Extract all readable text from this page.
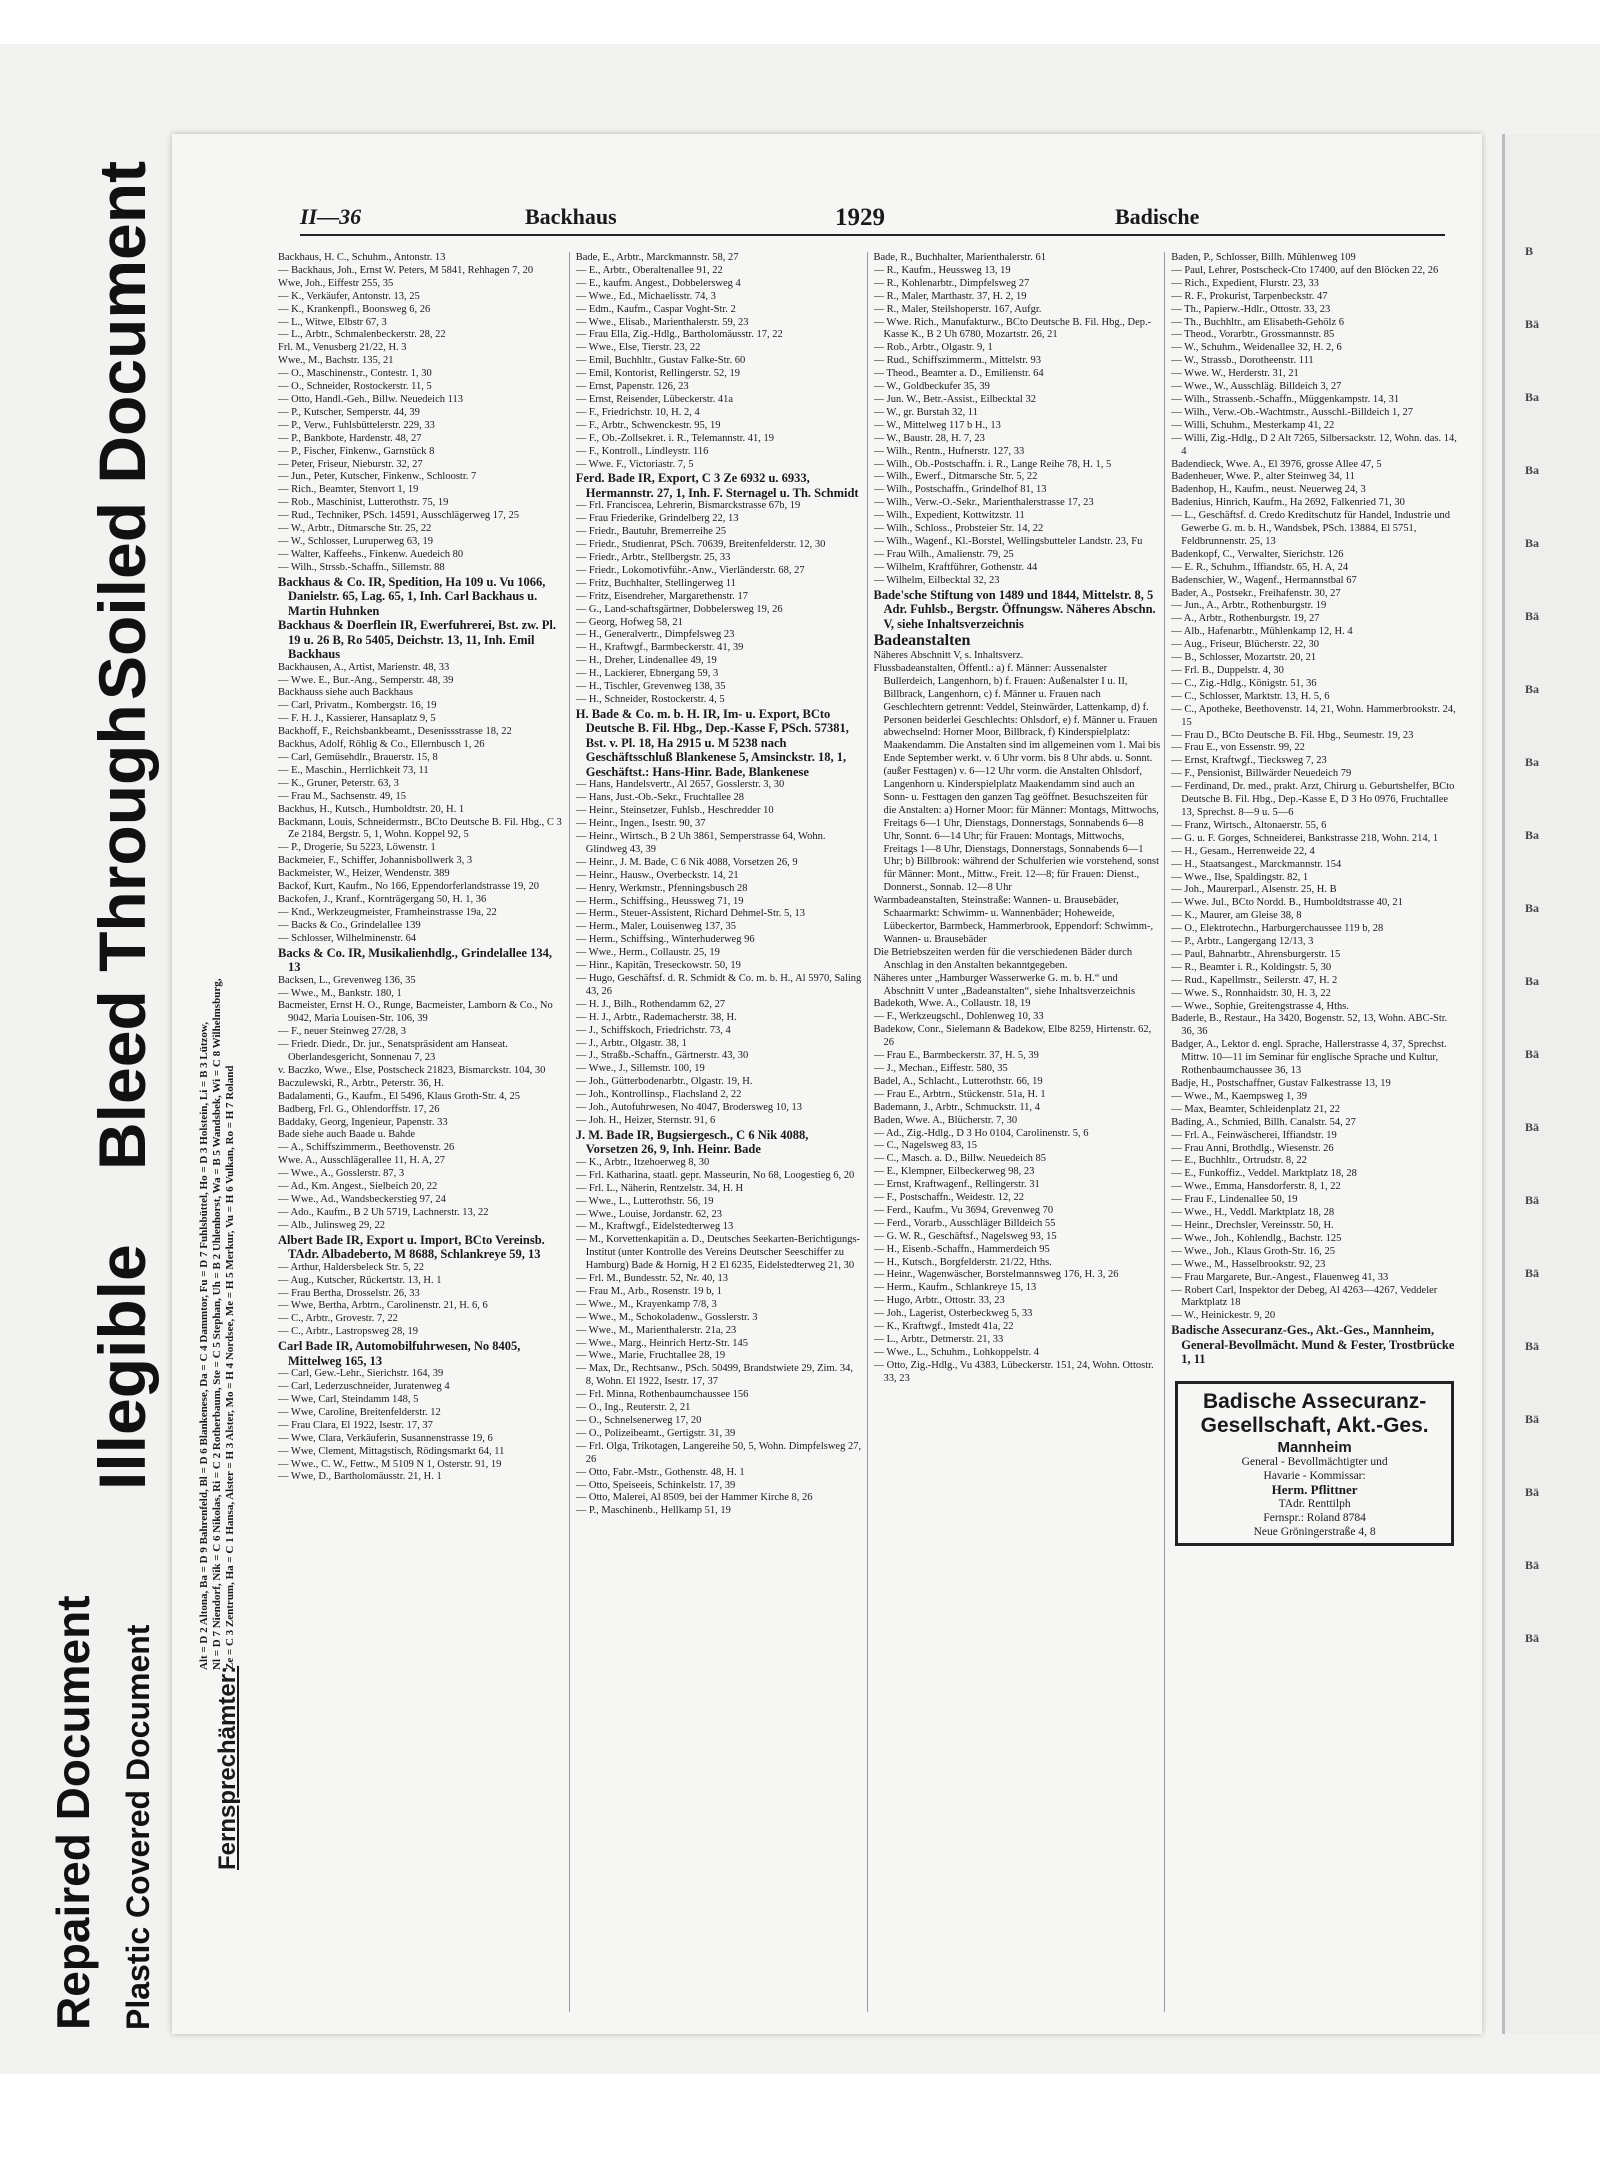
Repaired Document Plastic Covered Document
Illegible
Bleed Through
Soiled Document	B
Bä
Ba
Ba
Ba
Bä
Ba
Ba
Ba
Ba
Ba
Bä
Bä
Bä
Bä
Bä
Bä
Bä
Bä
Bä
II—36	Backhaus	1929	Badische
Fernsprechämter:
Alt = D 2 Altona, Ba = D 9 Bahrenfeld, Bl = D 6 Blankenese, Da = C 4 Dammtor, Fu = D 7 Fuhlsbüttel, Ho = D 3 Holstein, Li = B 3 Lützow, Nl = D 7 Niendorf, Nik = C 6 Nikolas, Ri = C 2 Rotherbaum, Ste = C 5 Stephan, Uh = B 2 Uhlenhorst, Wa = B 5 Wandsbek, Wi = C 8 Wilhelmsburg, Ze = C 3 Zentrum, Ha = C 1 Hansa, Alster = H 3 Alster, Mo = H 4 Nordsee, Me = H 5 Merkur, Vu = H 6 Vulkan, Ro = H 7 Roland

Backhaus, H. C., Schuhm., Antonstr. 13

— Backhaus, Joh., Ernst W. Peters, M 5841, Rehhagen 7, 20

Wwe, Joh., Eiffestr 255, 35

— K., Verkäufer, Antonstr. 13, 25

— K., Krankenpfl., Boonsweg 6, 26

— L., Witwe, Elbstr 67, 3

— L., Arbtr., Schmalenbeckerstr. 28, 22

Frl. M., Venusberg 21/22, H. 3

Wwe., M., Bachstr. 135, 21

— O., Maschinenstr., Contestr. 1, 30

— O., Schneider, Rostockerstr. 11, 5

— Otto, Handl.-Geh., Billw. Neuedeich 113

— P., Kutscher, Semperstr. 44, 39

— P., Verw., Fuhlsbüttelerstr. 229, 33

— P., Bankbote, Hardenstr. 48, 27

— P., Fischer, Finkenw., Garnstück 8

— Peter, Friseur, Nieburstr. 32, 27

— Jun., Peter, Kutscher, Finkenw., Schloostr. 7

— Rich., Beamter, Stenvort 1, 19

— Rob., Maschinist, Lutterothstr. 75, 19

— Rud., Techniker, PSch. 14591, Ausschlägerweg 17, 25

— W., Arbtr., Ditmarsche Str. 25, 22

— W., Schlosser, Luruperweg 63, 19

— Walter, Kaffeehs., Finkenw. Auedeich 80

— Wilh., Strssb.-Schaffn., Sillemstr. 88

Backhaus & Co. IR, Spedition, Ha 109 u. Vu 1066, Danielstr. 65, Lag. 65, 1, Inh. Carl Backhaus u. Martin Huhnken

Backhaus & Doerflein IR, Ewerfuhrerei, Bst. zw. Pl. 19 u. 26 B, Ro 5405, Deichstr. 13, 11, Inh. Emil Backhaus

Backhausen, A., Artist, Marienstr. 48, 33

— Wwe. E., Bur.-Ang., Semperstr. 48, 39

Backhauss siehe auch Backhaus

— Carl, Privatm., Kombergstr. 16, 19

— F. H. J., Kassierer, Hansaplatz 9, 5

Backhoff, F., Reichsbankbeamt., Desenissstrasse 18, 22

Backhus, Adolf, Röhlig & Co., Ellernbusch 1, 26

— Carl, Gemüsehdlr., Brauerstr. 15, 8

— E., Maschin., Herrlichkeit 73, 11

— K., Gruner, Peterstr. 63, 3

— Frau M., Sachsenstr. 49, 15

Backhus, H., Kutsch., Humboldtstr. 20, H. 1

Backmann, Louis, Schneidermstr., BCto Deutsche B. Fil. Hbg., C 3 Ze 2184, Bergstr. 5, 1, Wohn. Koppel 92, 5

— P., Drogerie, Su 5223, Löwenstr. 1

Backmeier, F., Schiffer, Johannisbollwerk 3, 3

Backmeister, W., Heizer, Wendenstr. 389

Backof, Kurt, Kaufm., No 166, Eppendorferlandstrasse 19, 20

Backofen, J., Kranf., Kornträgergang 50, H. 1, 36

— Knd., Werkzeugmeister, Framheinstrasse 19a, 22

— Backs & Co., Grindelallee 139

— Schlosser, Wilhelminenstr. 64

Backs & Co. IR, Musikalienhdlg., Grindelallee 134, 13

Backsen, L., Grevenweg 136, 35

— Wwe., M., Bankstr. 180, 1

Bacmeister, Ernst H. O., Runge, Bacmeister, Lamborn & Co., No 9042, Maria Louisen-Str. 106, 39

— F., neuer Steinweg 27/28, 3

— Friedr. Diedr., Dr. jur., Senatspräsident am Hanseat. Oberlandesgericht, Sonnenau 7, 23

v. Baczko, Wwe., Else, Postscheck 21823, Bismarckstr. 104, 30

Baczulewski, R., Arbtr., Peterstr. 36, H.

Badalamenti, G., Kaufm., El 5496, Klaus Groth-Str. 4, 25

Badberg, Frl. G., Ohlendorffstr. 17, 26

Baddaky, Georg, Ingenieur, Papenstr. 33

Bade siehe auch Baade u. Bahde

— A., Schiffszimmerm., Beethovenstr. 26

Wwe. A., Ausschlägerallee 11, H. A, 27

— Wwe., A., Gosslerstr. 87, 3

— Ad., Km. Angest., Sielbeich 20, 22

— Wwe., Ad., Wandsbeckerstieg 97, 24

— Ado., Kaufm., B 2 Uh 5719, Lachnerstr. 13, 22

— Alb., Julinsweg 29, 22

Albert Bade IR, Export u. Import, BCto Vereinsb. TAdr. Albadeberto, M 8688, Schlankreye 59, 13

— Arthur, Haldersbeleck Str. 5, 22

— Aug., Kutscher, Rückertstr. 13, H. 1

— Frau Bertha, Drosselstr. 26, 33

— Wwe, Bertha, Arbtrn., Carolinenstr. 21, H. 6, 6

— C., Arbtr., Grovestr. 7, 22

— C., Arbtr., Lastropsweg 28, 19

Carl Bade IR, Automobilfuhrwesen, No 8405, Mittelweg 165, 13

— Carl, Gew.-Lehr., Sierichstr. 164, 39

— Carl, Lederzuschneider, Juratenweg 4

— Wwe, Carl, Steindamm 148, 5

— Wwe, Caroline, Breitenfelderstr. 12

— Frau Clara, El 1922, Isestr. 17, 37

— Wwe, Clara, Verkäuferin, Susannenstrasse 19, 6

— Wwe, Clement, Mittagstisch, Rödingsmarkt 64, 11

— Wwe., C. W., Fettw., M 5109 N 1, Osterstr. 91, 19

— Wwe, D., Bartholomäusstr. 21, H. 1

Bade, E., Arbtr., Marckmannstr. 58, 27

— E., Arbtr., Oberaltenallee 91, 22

— E., kaufm. Angest., Dobbelersweg 4

— Wwe., Ed., Michaelisstr. 74, 3

— Edm., Kaufm., Caspar Voght-Str. 2

— Wwe., Elisab., Marienthalerstr. 59, 23

— Frau Ella, Zig.-Hdlg., Bartholomäusstr. 17, 22

— Wwe., Else, Tierstr. 23, 22

— Emil, Buchhltr., Gustav Falke-Str. 60

— Emil, Kontorist, Rellingerstr. 52, 19

— Ernst, Papenstr. 126, 23

— Ernst, Reisender, Lübeckerstr. 41a

— F., Friedrichstr. 10, H. 2, 4

— F., Arbtr., Schwenckestr. 95, 19

— F., Ob.-Zollsekret. i. R., Telemannstr. 41, 19

— F., Kontroll., Lindleystr. 116

— Wwe. F., Victoriastr. 7, 5

Ferd. Bade IR, Export, C 3 Ze 6932 u. 6933, Hermannstr. 27, 1, Inh. F. Sternagel u. Th. Schmidt

— Frl. Franciscea, Lehrerin, Bismarckstrasse 67b, 19

— Frau Friederike, Grindelberg 22, 13

— Friedr., Bautuhr, Bremerreihe 25

— Friedr., Studienrat, PSch. 70639, Breitenfelderstr. 12, 30

— Friedr., Arbtr., Stellbergstr. 25, 33

— Friedr., Lokomotivführ.-Anw., Vierländerstr. 68, 27

— Fritz, Buchhalter, Stellingerweg 11

— Fritz, Eisendreher, Margarethenstr. 17

— G., Land-schaftsgärtner, Dobbelersweg 19, 26

— Georg, Hofweg 58, 21

— H., Generalvertr., Dimpfelsweg 23

— H., Kraftwgf., Barmbeckerstr. 41, 39

— H., Dreher, Lindenallee 49, 19

— H., Lackierer, Ebnergang 59, 3

— H., Tischler, Grevenweg 138, 35

— H., Schneider, Rostockerstr. 4, 5

H. Bade & Co. m. b. H. IR, Im- u. Export, BCto Deutsche B. Fil. Hbg., Dep.-Kasse F, PSch. 57381, Bst. v. Pl. 18, Ha 2915 u. M 5238 nach Geschäftsschluß Blankenese 5, Amsinckstr. 18, 1, Geschäftst.: Hans-Hinr. Bade, Blankenese

— Hans, Handelsvertr., Al 2657, Gosslerstr. 3, 30

— Hans, Just.-Ob.-Sekr., Fruchtallee 28

— Heinr., Steinsetzer, Fuhlsb., Heschredder 10

— Heinr., Ingen., Isestr. 90, 37

— Heinr., Wirtsch., B 2 Uh 3861, Semperstrasse 64, Wohn. Glindweg 43, 39

— Heinr., J. M. Bade, C 6 Nik 4088, Vorsetzen 26, 9

— Heinr., Hausw., Overbeckstr. 14, 21

— Henry, Werkmstr., Pfenningsbusch 28

— Herm., Schiffsing., Heussweg 71, 19

— Herm., Steuer-Assistent, Richard Dehmel-Str. 5, 13

— Herm., Maler, Louisenweg 137, 35

— Herm., Schiffsing., Winterhuderweg 96

— Wwe., Herm., Collaustr. 25, 19

— Hinr., Kapitän, Treseckowstr. 50, 19

— Hugo, Geschäftsf. d. R. Schmidt & Co. m. b. H., Al 5970, Saling 43, 26

— H. J., Bilh., Rothendamm 62, 27

— H. J., Arbtr., Rademacherstr. 38, H.

— J., Schiffskoch, Friedrichstr. 73, 4

— J., Arbtr., Olgastr. 38, 1

— J., Straßb.-Schaffn., Gärtnerstr. 43, 30

— Wwe., J., Sillemstr. 100, 19

— Joh., Gütterbodenarbtr., Olgastr. 19, H.

— Joh., Kontrollinsp., Flachsland 2, 22

— Joh., Autofuhrwesen, No 4047, Brodersweg 10, 13

— Joh. H., Heizer, Sternstr. 91, 6

J. M. Bade IR, Bugsiergesch., C 6 Nik 4088, Vorsetzen 26, 9, Inh. Heinr. Bade

— K., Arbtr., Itzehoerweg 8, 30

— Frl. Katharina, staatl. gepr. Masseurin, No 68, Loogestieg 6, 20

— Frl. L., Näherin, Rentzelstr. 34, H. H

— Wwe., L., Lutterothstr. 56, 19

— Wwe., Louise, Jordanstr. 62, 23

— M., Kraftwgf., Eidelstedterweg 13

— M., Korvettenkapitän a. D., Deutsches Seekarten-Berichtigungs-Institut (unter Kontrolle des Vereins Deutscher Seeschiffer zu Hamburg) Bade & Hornig, H 2 El 6235, Eidelstedterweg 21, 30

— Frl. M., Bundesstr. 52, Nr. 40, 13

— Frau M., Arb., Rosenstr. 19 b, 1

— Wwe., M., Krayenkamp 7/8, 3

— Wwe., M., Schokoladenw., Gosslerstr. 3

— Wwe., M., Marienthalerstr. 21a, 23

— Wwe., Marg., Heinrich Hertz-Str. 145

— Wwe., Marie, Fruchtallee 28, 19

— Max, Dr., Rechtsanw., PSch. 50499, Brandstwiete 29, Zim. 34, 8, Wohn. El 1922, Isestr. 17, 37

— Frl. Minna, Rothenbaumchaussee 156

— O., Ing., Reuterstr. 2, 21

— O., Schnelsenerweg 17, 20

— O., Polizeibeamt., Gertigstr. 31, 39

— Frl. Olga, Trikotagen, Langereihe 50, 5, Wohn. Dimpfelsweg 27, 26

— Otto, Fabr.-Mstr., Gothenstr. 48, H. 1

— Otto, Speiseeis, Schinkelstr. 17, 39

— Otto, Malerei, Al 8509, bei der Hammer Kirche 8, 26

— P., Maschinenb., Hellkamp 51, 19

Bade, R., Buchhalter, Marienthalerstr. 61

— R., Kaufm., Heussweg 13, 19

— R., Kohlenarbtr., Dimpfelsweg 27

— R., Maler, Marthastr. 37, H. 2, 19

— R., Maler, Steilshoperstr. 167, Aufgr.

— Wwe. Rich., Manufakturw., BCto Deutsche B. Fil. Hbg., Dep.-Kasse K., B 2 Uh 6780, Mozartstr. 26, 21

— Rob., Arbtr., Olgastr. 9, 1

— Rud., Schiffszimmerm., Mittelstr. 93

— Theod., Beamter a. D., Emilienstr. 64

— W., Goldbeckufer 35, 39

— Jun. W., Betr.-Assist., Eilbecktal 32

— W., gr. Burstah 32, 11

— W., Mittelweg 117 b H., 13

— W., Baustr. 28, H. 7, 23

— Wilh., Rentn., Hufnerstr. 127, 33

— Wilh., Ob.-Postschaffn. i. R., Lange Reihe 78, H. 1, 5

— Wilh., Ewerf., Ditmarsche Str. 5, 22

— Wilh., Postschaffn., Grindelhof 81, 13

— Wilh., Verw.-O.-Sekr., Marienthalerstrasse 17, 23

— Wilh., Expedient, Kottwitzstr. 11

— Wilh., Schloss., Probsteier Str. 14, 22

— Wilh., Wagenf., Kl.-Borstel, Wellingsbutteler Landstr. 23, Fu

— Frau Wilh., Amalienstr. 79, 25

— Wilhelm, Kraftführer, Gothenstr. 44

— Wilhelm, Eilbecktal 32, 23

Bade'sche Stiftung von 1489 und 1844, Mittelstr. 8, 5 Adr. Fuhlsb., Bergstr. Öffnungsw. Näheres Abschn. V, siehe Inhaltsverzeichnis

Badeanstalten

Näheres Abschnitt V, s. Inhaltsverz.

Flussbadeanstalten, Öffentl.: a) f. Männer: Aussenalster Bullerdeich, Langenhorn, b) f. Frauen: Außenalster I u. II, Billbrack, Langenhorn, c) f. Männer u. Frauen nach Geschlechtern getrennt: Veddel, Steinwärder, Lattenkamp, d) f. Personen beiderlei Geschlechts: Ohlsdorf, e) f. Männer u. Frauen abwechselnd: Horner Moor, Billbrack, f) Kinderspielplatz: Maakendamm. Die Anstalten sind im allgemeinen vom 1. Mai bis Ende September werkt. v. 6 Uhr vorm. bis 8 Uhr abds. u. Sonnt. (außer Festtagen) v. 6—12 Uhr vorm. die Anstalten Ohlsdorf, Langenhorn u. Kinderspielplatz Maakendamm sind auch an Sonn- u. Festtagen den ganzen Tag geöffnet. Besuchszeiten für die Anstalten: a) Horner Moor: für Männer: Montags, Mittwochs, Freitags 6—1 Uhr, Dienstags, Donnerstags, Sonnabends 6—8 Uhr, Sonnt. 6—14 Uhr; für Frauen: Montags, Mittwochs, Freitags 1—8 Uhr, Dienstags, Donnerstags, Sonnabends 6—1 Uhr; b) Billbrook: während der Schulferien wie vorstehend, sonst für Männer: Mont., Mittw., Freit. 12—8; für Frauen: Dienst., Donnerst., Sonnab. 12—8 Uhr

Warmbadeanstalten, Steinstraße: Wannen- u. Brausebäder, Schaarmarkt: Schwimm- u. Wannenbäder; Hoheweide, Lübeckertor, Barmbeck, Hammerbrook, Eppendorf: Schwimm-, Wannen- u. Brausebäder

Die Betriebszeiten werden für die verschiedenen Bäder durch Anschlag in den Anstalten bekanntgegeben.

Näheres unter „Hamburger Wasserwerke G. m. b. H.“ und Abschnitt V unter „Badeanstalten“, siehe Inhaltsverzeichnis

Badekoth, Wwe. A., Collaustr. 18, 19

— F., Werkzeugschl., Dohlenweg 10, 33

Badekow, Conr., Sielemann & Badekow, Elbe 8259, Hirtenstr. 62, 26

— Frau E., Barmbeckerstr. 37, H. 5, 39

— J., Mechan., Eiffestr. 580, 35

Badel, A., Schlacht., Lutterothstr. 66, 19

— Frau E., Arbtrn., Stückenstr. 51a, H. 1

Bademann, J., Arbtr., Schmuckstr. 11, 4

Baden, Wwe. A., Blücherstr. 7, 30

— Ad., Zig.-Hdlg., D 3 Ho 0104, Carolinenstr. 5, 6

— C., Nagelsweg 83, 15

— C., Masch. a. D., Billw. Neuedeich 85

— E., Klempner, Eilbeckerweg 98, 23

— Ernst, Kraftwagenf., Rellingerstr. 31

— F., Postschaffn., Weidestr. 12, 22

— Ferd., Kaufm., Vu 3694, Grevenweg 70

— Ferd., Vorarb., Ausschläger Billdeich 55

— G. W. R., Geschäftsf., Nagelsweg 93, 15

— H., Eisenb.-Schaffn., Hammerdeich 95

— H., Kutsch., Borgfelderstr. 21/22, Hths.

— Heinr., Wagenwäscher, Borstelmannsweg 176, H. 3, 26

— Herm., Kaufm., Schlankreye 15, 13

— Hugo, Arbtr., Ottostr. 33, 23

— Joh., Lagerist, Osterbeckweg 5, 33

— K., Kraftwgf., Imstedt 41a, 22

— L., Arbtr., Detmerstr. 21, 33

— Wwe., L., Schuhm., Lohkoppelstr. 4

— Otto, Zig.-Hdlg., Vu 4383, Lübeckerstr. 151, 24, Wohn. Ottostr. 33, 23

Baden, P., Schlosser, Billh. Mühlenweg 109

— Paul, Lehrer, Postscheck-Cto 17400, auf den Blöcken 22, 26

— Rich., Expedient, Flurstr. 23, 33

— R. F., Prokurist, Tarpenbeckstr. 47

— Th., Papierw.-Hdlr., Ottostr. 33, 23

— Th., Buchhltr., am Elisabeth-Gehölz 6

— Theod., Vorarbtr., Grossmannstr. 85

— W., Schuhm., Weidenallee 32, H. 2, 6

— W., Strassb., Dorotheenstr. 111

— Wwe. W., Herderstr. 31, 21

— Wwe., W., Ausschläg. Billdeich 3, 27

— Wilh., Strassenb.-Schaffn., Müggenkampstr. 14, 31

— Wilh., Verw.-Ob.-Wachtmstr., Ausschl.-Billdeich 1, 27

— Willi, Schuhm., Mesterkamp 41, 22

— Willi, Zig.-Hdlg., D 2 Alt 7265, Silbersackstr. 12, Wohn. das. 14, 4

Badendieck, Wwe. A., El 3976, grosse Allee 47, 5

Badenheuer, Wwe. P., alter Steinweg 34, 11

Badenhop, H., Kaufm., neust. Neuerweg 24, 3

Badenius, Hinrich, Kaufm., Ha 2692, Falkenried 71, 30

— L., Geschäftsf. d. Credo Kreditschutz für Handel, Industrie und Gewerbe G. m. b. H., Wandsbek, PSch. 13884, El 5751, Feldbrunnenstr. 25, 13

Badenkopf, C., Verwalter, Sierichstr. 126

— E. R., Schuhm., Iffiandstr. 65, H. A, 24

Badenschier, W., Wagenf., Hermannstbal 67

Bader, A., Postsekr., Freihafenstr. 30, 27

— Jun., A., Arbtr., Rothenburgstr. 19

— A., Arbtr., Rothenburgstr. 19, 27

— Alb., Hafenarbtr., Mühlenkamp 12, H. 4

— Aug., Friseur, Blücherstr. 22, 30

— B., Schlosser, Mozartstr. 20, 21

— Frl. B., Duppelstr. 4, 30

— C., Zig.-Hdlg., Königstr. 51, 36

— C., Schlosser, Marktstr. 13, H. 5, 6

— C., Apotheke, Beethovenstr. 14, 21, Wohn. Hammerbrookstr. 24, 15

— Frau D., BCto Deutsche B. Fil. Hbg., Seumestr. 19, 23

— Frau E., von Essenstr. 99, 22

— Ernst, Kraftwgf., Tiecksweg 7, 23

— F., Pensionist, Billwärder Neuedeich 79

— Ferdinand, Dr. med., prakt. Arzt, Chirurg u. Geburtshelfer, BCto Deutsche B. Fil. Hbg., Dep.-Kasse E, D 3 Ho 0976, Fruchtallee 13, Sprechst. 8—9 u. 5—6

— Franz, Wirtsch., Altonaerstr. 55, 6

— G. u. F. Gorges, Schneiderei, Bankstrasse 218, Wohn. 214, 1

— H., Gesam., Herrenweide 22, 4

— H., Staatsangest., Marckmannstr. 154

— Wwe., Ilse, Spaldingstr. 82, 1

— Joh., Maurerparl., Alsenstr. 25, H. B

— Wwe. Jul., BCto Nordd. B., Humboldtstrasse 40, 21

— K., Maurer, am Gleise 38, 8

— O., Elektrotechn., Harburgerchaussee 119 b, 28

— P., Arbtr., Langergang 12/13, 3

— Paul, Bahnarbtr., Ahrensburgerstr. 15

— R., Beamter i. R., Koldingstr. 5, 30

— Rud., Kapellmstr., Seilerstr. 47, H. 2

— Wwe. S., Ronnhaidstr. 30, H. 3, 22

— Wwe., Sophie, Greitengstrasse 4, Hths.

Baderle, B., Restaur., Ha 3420, Bogenstr. 52, 13, Wohn. ABC-Str. 36, 36

Badger, A., Lektor d. engl. Sprache, Hallerstrasse 4, 37, Sprechst. Mittw. 10—11 im Seminar für englische Sprache und Kultur, Rothenbaumchaussee 36, 13

Badje, H., Postschaffner, Gustav Falkestrasse 13, 19

— Wwe., M., Kaempsweg 1, 39

— Max, Beamter, Schleidenplatz 21, 22

Bading, A., Schmied, Billh. Canalstr. 54, 27

— Frl. A., Feinwäscherei, Iffiandstr. 19

— Frau Anni, Brothdlg., Wiesenstr. 26

— E., Buchhltr., Ortrudstr. 8, 22

— E., Funkoffiz., Veddel. Marktplatz 18, 28

— Wwe., Emma, Hansdorferstr. 8, 1, 22

— Frau F., Lindenallee 50, 19

— Wwe., H., Veddl. Marktplatz 18, 28

— Heinr., Drechsler, Vereinsstr. 50, H.

— Wwe., Joh., Kohlendlg., Bachstr. 125

— Wwe., Joh., Klaus Groth-Str. 16, 25

— Wwe., M., Hasselbrookstr. 92, 23

— Frau Margarete, Bur.-Angest., Flauenweg 41, 33

— Robert Carl, Inspektor der Debeg, Al 4263—4267, Veddeler Marktplatz 18

— W., Heinickestr. 9, 20

Badische Assecuranz-Ges., Akt.-Ges., Mannheim, General-Bevollmächt. Mund & Fester, Trostbrücke 1, 11

Badische Assecuranz-
Gesellschaft, Akt.-Ges.
Mannheim
General - Bevollmächtigter und
Havarie - Kommissar:
Herm. Pflittner
TAdr. Renttilph
Fernspr.: Roland 8784
Neue Gröningerstraße 4, 8
